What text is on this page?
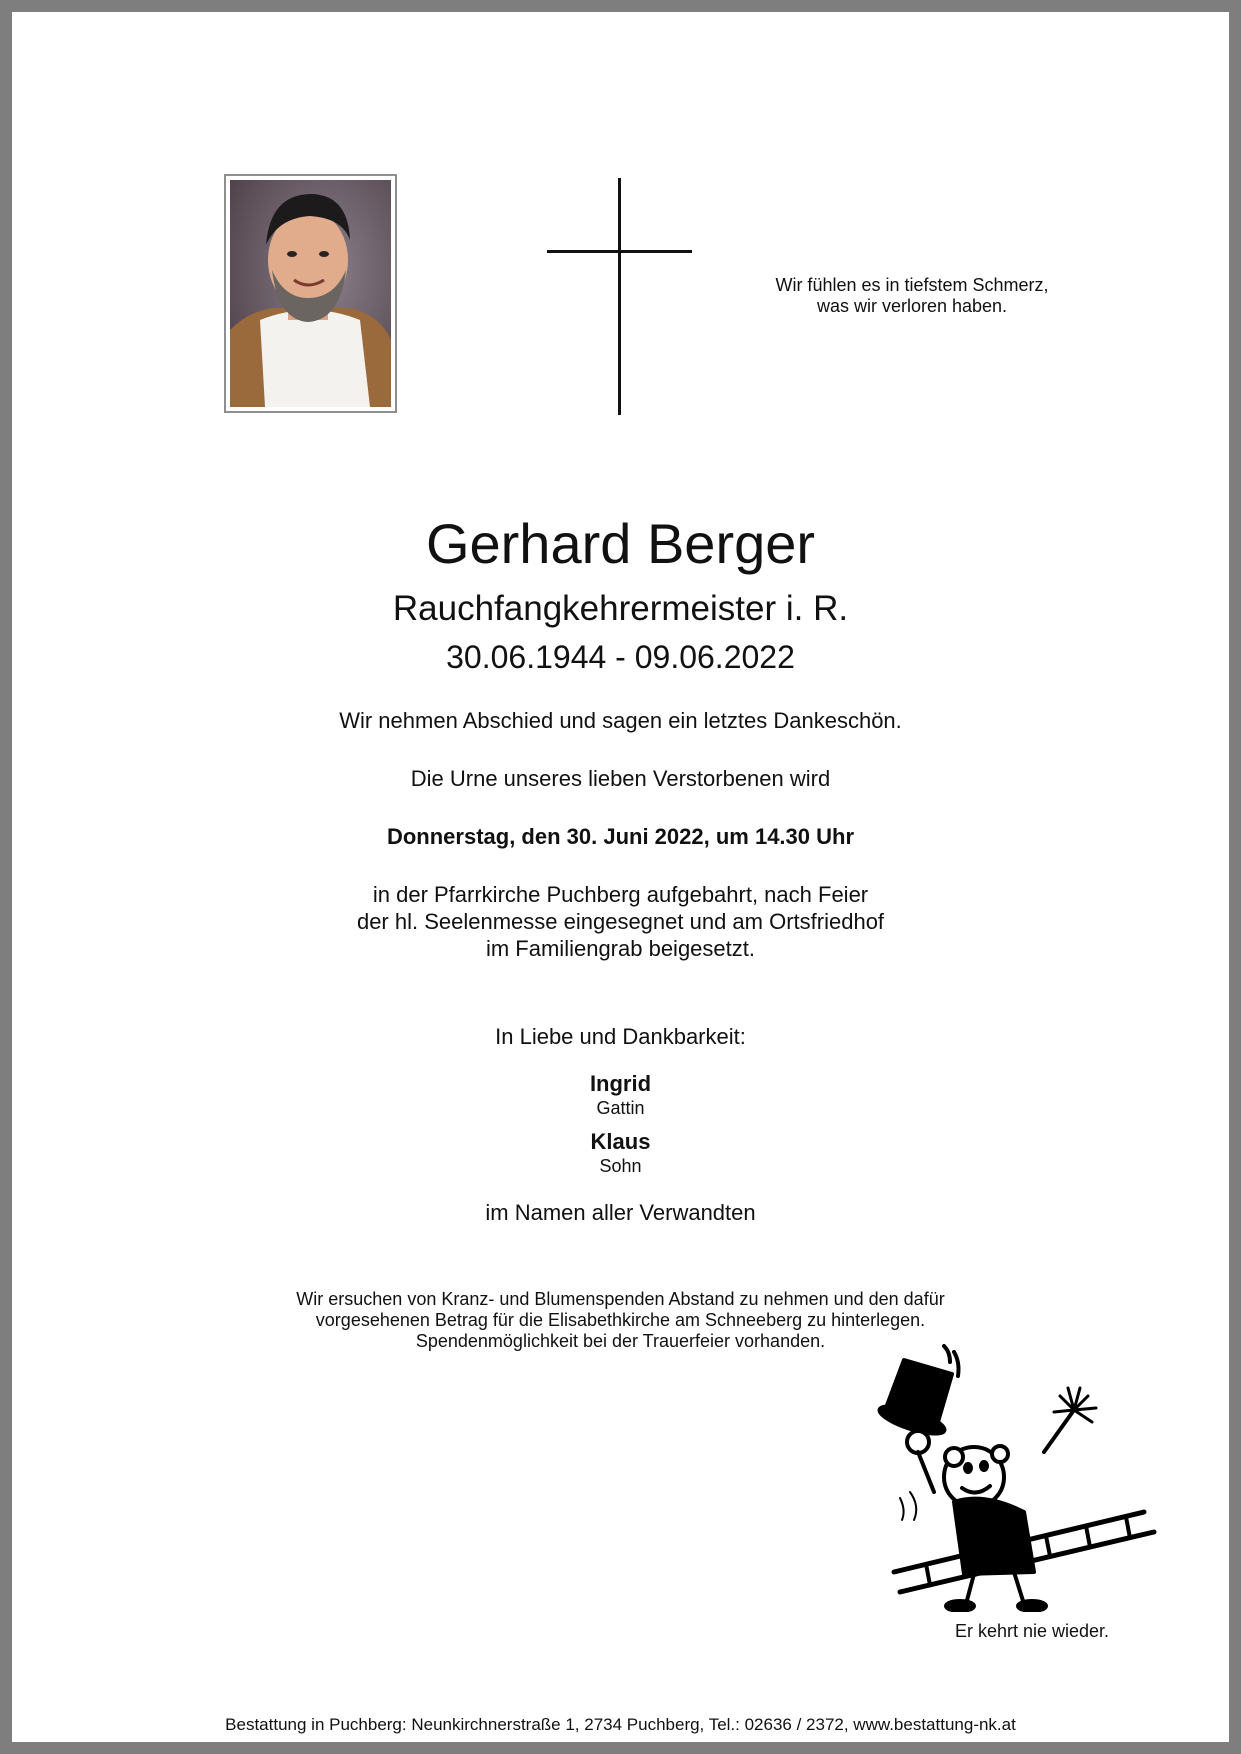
Wir fühlen es in tiefstem Schmerz,
was wir verloren haben.
Gerhard Berger
Rauchfangkehrermeister i. R.
30.06.1944 - 09.06.2022
Wir nehmen Abschied und sagen ein letztes Dankeschön.
Die Urne unseres lieben Verstorbenen wird
Donnerstag, den 30. Juni 2022, um 14.30 Uhr
in der Pfarrkirche Puchberg aufgebahrt, nach Feier
der hl. Seelenmesse eingesegnet und am Ortsfriedhof
im Familiengrab beigesetzt.
In Liebe und Dankbarkeit:
Ingrid
Gattin
Klaus
Sohn
im Namen aller Verwandten
Wir ersuchen von Kranz- und Blumenspenden Abstand zu nehmen und den dafür
vorgesehenen Betrag für die Elisabethkirche am Schneeberg zu hinterlegen.
Spendenmöglichkeit bei der Trauerfeier vorhanden.
Er kehrt nie wieder.
Bestattung in Puchberg: Neunkirchnerstraße 1, 2734 Puchberg, Tel.: 02636 / 2372, www.bestattung-nk.at
